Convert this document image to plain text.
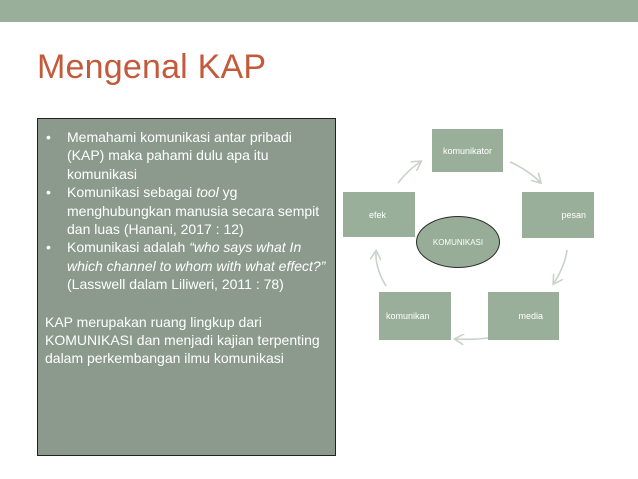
Mengenal KAP
• Memahami komunikasi antar pribadi (KAP) maka pahami dulu apa itu komunikasi
• Komunikasi sebagai tool yg menghubungkan manusia secara sempit dan luas (Hanani, 2017 : 12)
• Komunikasi adalah “who says what In which channel to whom with what effect?” (Lasswell dalam Liliweri, 2011 : 78)
KAP merupakan ruang lingkup dari KOMUNIKASI dan menjadi kajian terpenting dalam perkembangan ilmu komunikasi
komunikator
pesan
media
komunikan
efek
KOMUNIKASI
